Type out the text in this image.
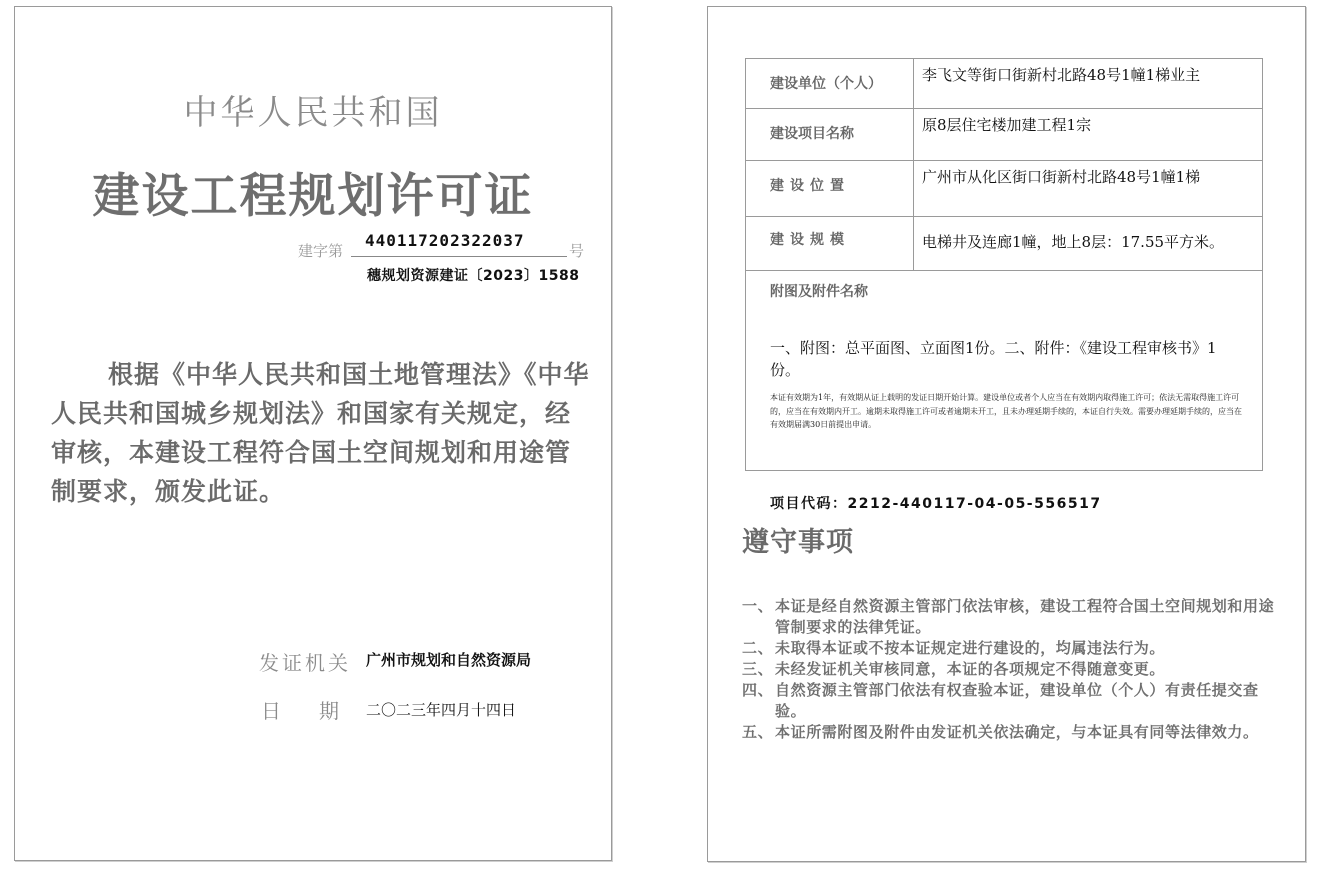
中华人民共和国
建设工程规划许可证
建字第
440117202322037
号
穗规划资源建证〔2023〕1588
根据《中华人民共和国土地管理法》《中华人民共和国城乡规划法》和国家有关规定，经审核，本建设工程符合国土空间规划和用途管制要求，颁发此证。
发证机关 广州市规划和自然资源局
日期
二〇二三年四月十四日
建设单位（个人）	李飞文等街口街新村北路48号1幢1梯业主
建设项目名称	原8层住宅楼加建工程1宗
建设位置	广州市从化区街口街新村北路48号1幢1梯
建设规模	电梯井及连廊1幢，地上8层：17.55平方米。

附图及附件名称
一、附图：总平面图、立面图1份。二、附件：《建设工程审核书》1份。
本证有效期为1年，有效期从证上载明的发证日期开始计算。建设单位或者个人应当在有效期内取得施工许可；依法无需取得施工许可的，应当在有效期内开工。逾期未取得施工许可或者逾期未开工，且未办理延期手续的，本证自行失效。需要办理延期手续的，应当在有效期届满30日前提出申请。	
项目代码：2212-440117-04-05-556517
遵守事项
一、 本证是经自然资源主管部门依法审核，建设工程符合国土空间规划和用途管制要求的法律凭证。
二、 未取得本证或不按本证规定进行建设的，均属违法行为。
三、 未经发证机关审核同意，本证的各项规定不得随意变更。
四、 自然资源主管部门依法有权查验本证，建设单位（个人）有责任提交查验。
五、 本证所需附图及附件由发证机关依法确定，与本证具有同等法律效力。
